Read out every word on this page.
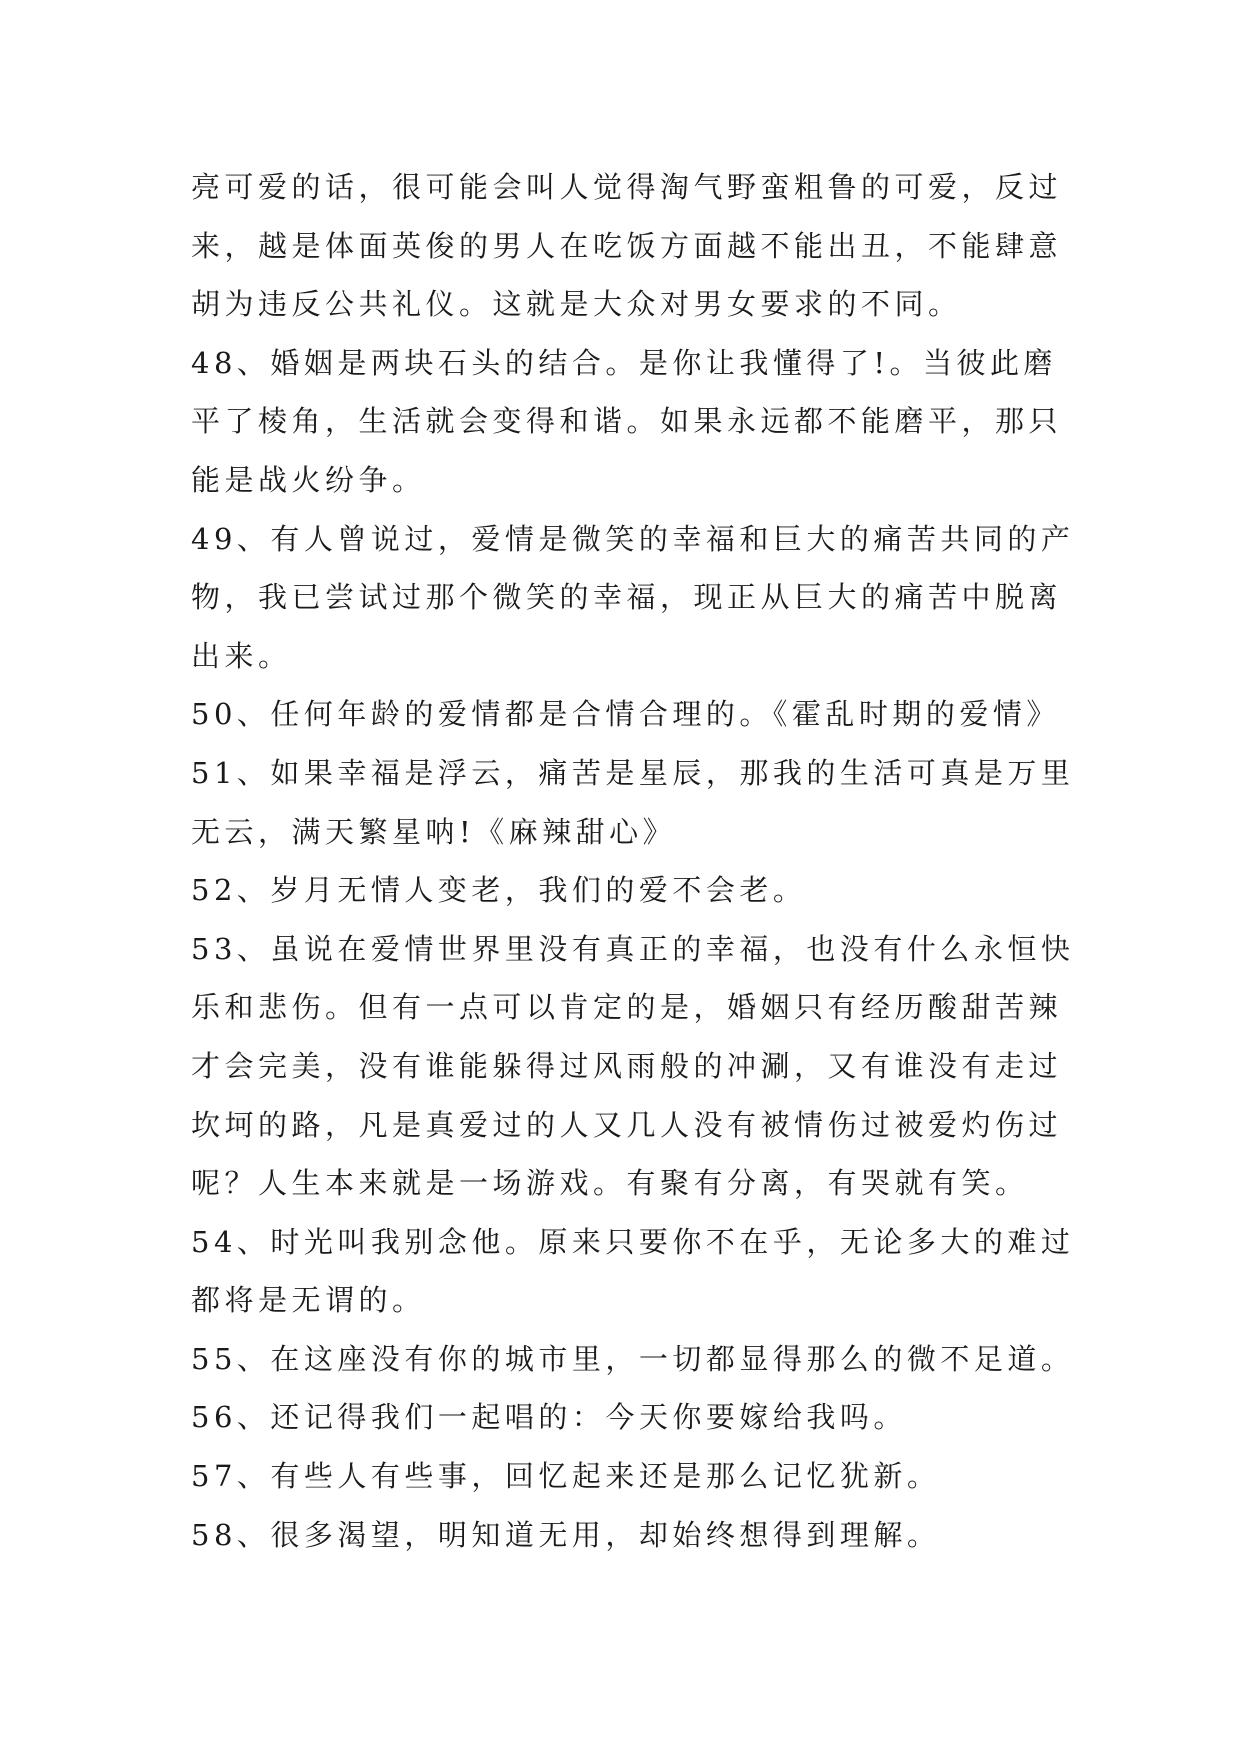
亮可爱的话，很可能会叫人觉得淘气野蛮粗鲁的可爱，反过
来，越是体面英俊的男人在吃饭方面越不能出丑，不能肆意
胡为违反公共礼仪。这就是大众对男女要求的不同。
48、婚姻是两块石头的结合。是你让我懂得了!。当彼此磨
平了棱角，生活就会变得和谐。如果永远都不能磨平，那只
能是战火纷争。
49、有人曾说过，爱情是微笑的幸福和巨大的痛苦共同的产
物，我已尝试过那个微笑的幸福，现正从巨大的痛苦中脱离
出来。
50、任何年龄的爱情都是合情合理的。《霍乱时期的爱情》
51、如果幸福是浮云，痛苦是星辰，那我的生活可真是万里
无云，满天繁星呐!《麻辣甜心》
52、岁月无情人变老，我们的爱不会老。
53、虽说在爱情世界里没有真正的幸福，也没有什么永恒快
乐和悲伤。但有一点可以肯定的是，婚姻只有经历酸甜苦辣
才会完美，没有谁能躲得过风雨般的冲涮，又有谁没有走过
坎坷的路，凡是真爱过的人又几人没有被情伤过被爱灼伤过
呢？人生本来就是一场游戏。有聚有分离，有哭就有笑。
54、时光叫我别念他。原来只要你不在乎，无论多大的难过
都将是无谓的。
55、在这座没有你的城市里，一切都显得那么的微不足道。
56、还记得我们一起唱的：今天你要嫁给我吗。
57、有些人有些事，回忆起来还是那么记忆犹新。
58、很多渴望，明知道无用，却始终想得到理解。
